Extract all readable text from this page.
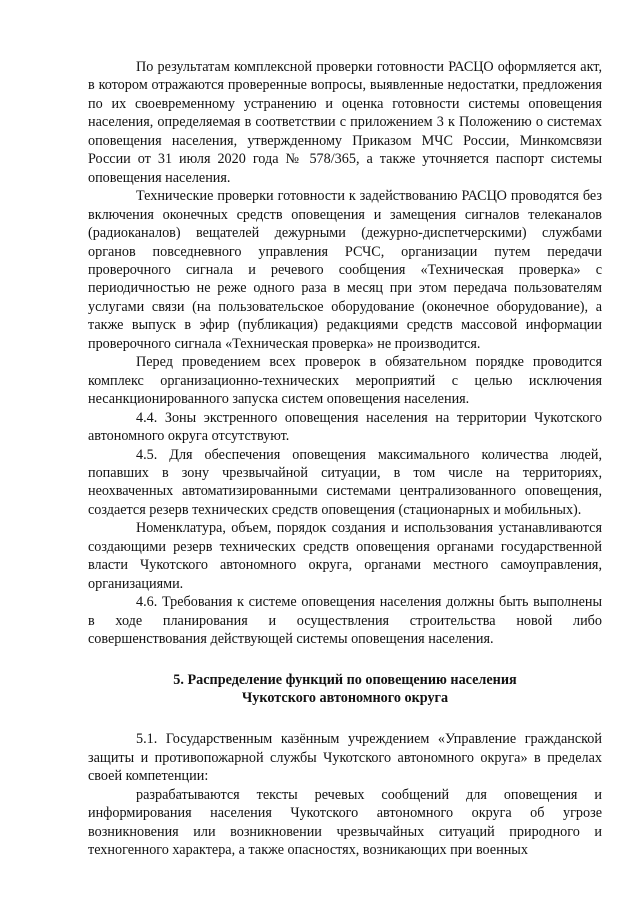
По результатам комплексной проверки готовности РАСЦО оформляется акт, в котором отражаются проверенные вопросы, выявленные недостатки, предложения по их своевременному устранению и оценка готовности системы оповещения населения, определяемая в соответствии с приложением 3 к Положению о системах оповещения населения, утвержденному Приказом МЧС России, Минкомсвязи России от 31 июля 2020 года № 578/365, а также уточняется паспорт системы оповещения населения.

Технические проверки готовности к задействованию РАСЦО проводятся без включения оконечных средств оповещения и замещения сигналов телеканалов (радиоканалов) вещателей дежурными (дежурно-диспетчерскими) службами органов повседневного управления РСЧС, организации путем передачи проверочного сигнала и речевого сообщения «Техническая проверка» с периодичностью не реже одного раза в месяц при этом передача пользователям услугами связи (на пользовательское оборудование (оконечное оборудование), а также выпуск в эфир (публикация) редакциями средств массовой информации проверочного сигнала «Техническая проверка» не производится.

Перед проведением всех проверок в обязательном порядке проводится комплекс организационно-технических мероприятий с целью исключения несанкционированного запуска систем оповещения населения.

4.4. Зоны экстренного оповещения населения на территории Чукотского автономного округа отсутствуют.

4.5. Для обеспечения оповещения максимального количества людей, попавших в зону чрезвычайной ситуации, в том числе на территориях, неохваченных автоматизированными системами централизованного оповещения, создается резерв технических средств оповещения (стационарных и мобильных).

Номенклатура, объем, порядок создания и использования устанавливаются создающими резерв технических средств оповещения органами государственной власти Чукотского автономного округа, органами местного самоуправления, организациями.

4.6. Требования к системе оповещения населения должны быть выполнены в ходе планирования и осуществления строительства новой либо совершенствования действующей системы оповещения населения.

5. Распределение функций по оповещению населения
Чукотского автономного округа

5.1. Государственным казённым учреждением «Управление гражданской защиты и противопожарной службы Чукотского автономного округа» в пределах своей компетенции:

разрабатываются тексты речевых сообщений для оповещения и информирования населения Чукотского автономного округа об угрозе возникновения или возникновении чрезвычайных ситуаций природного и техногенного характера, а также опасностях, возникающих при военных
